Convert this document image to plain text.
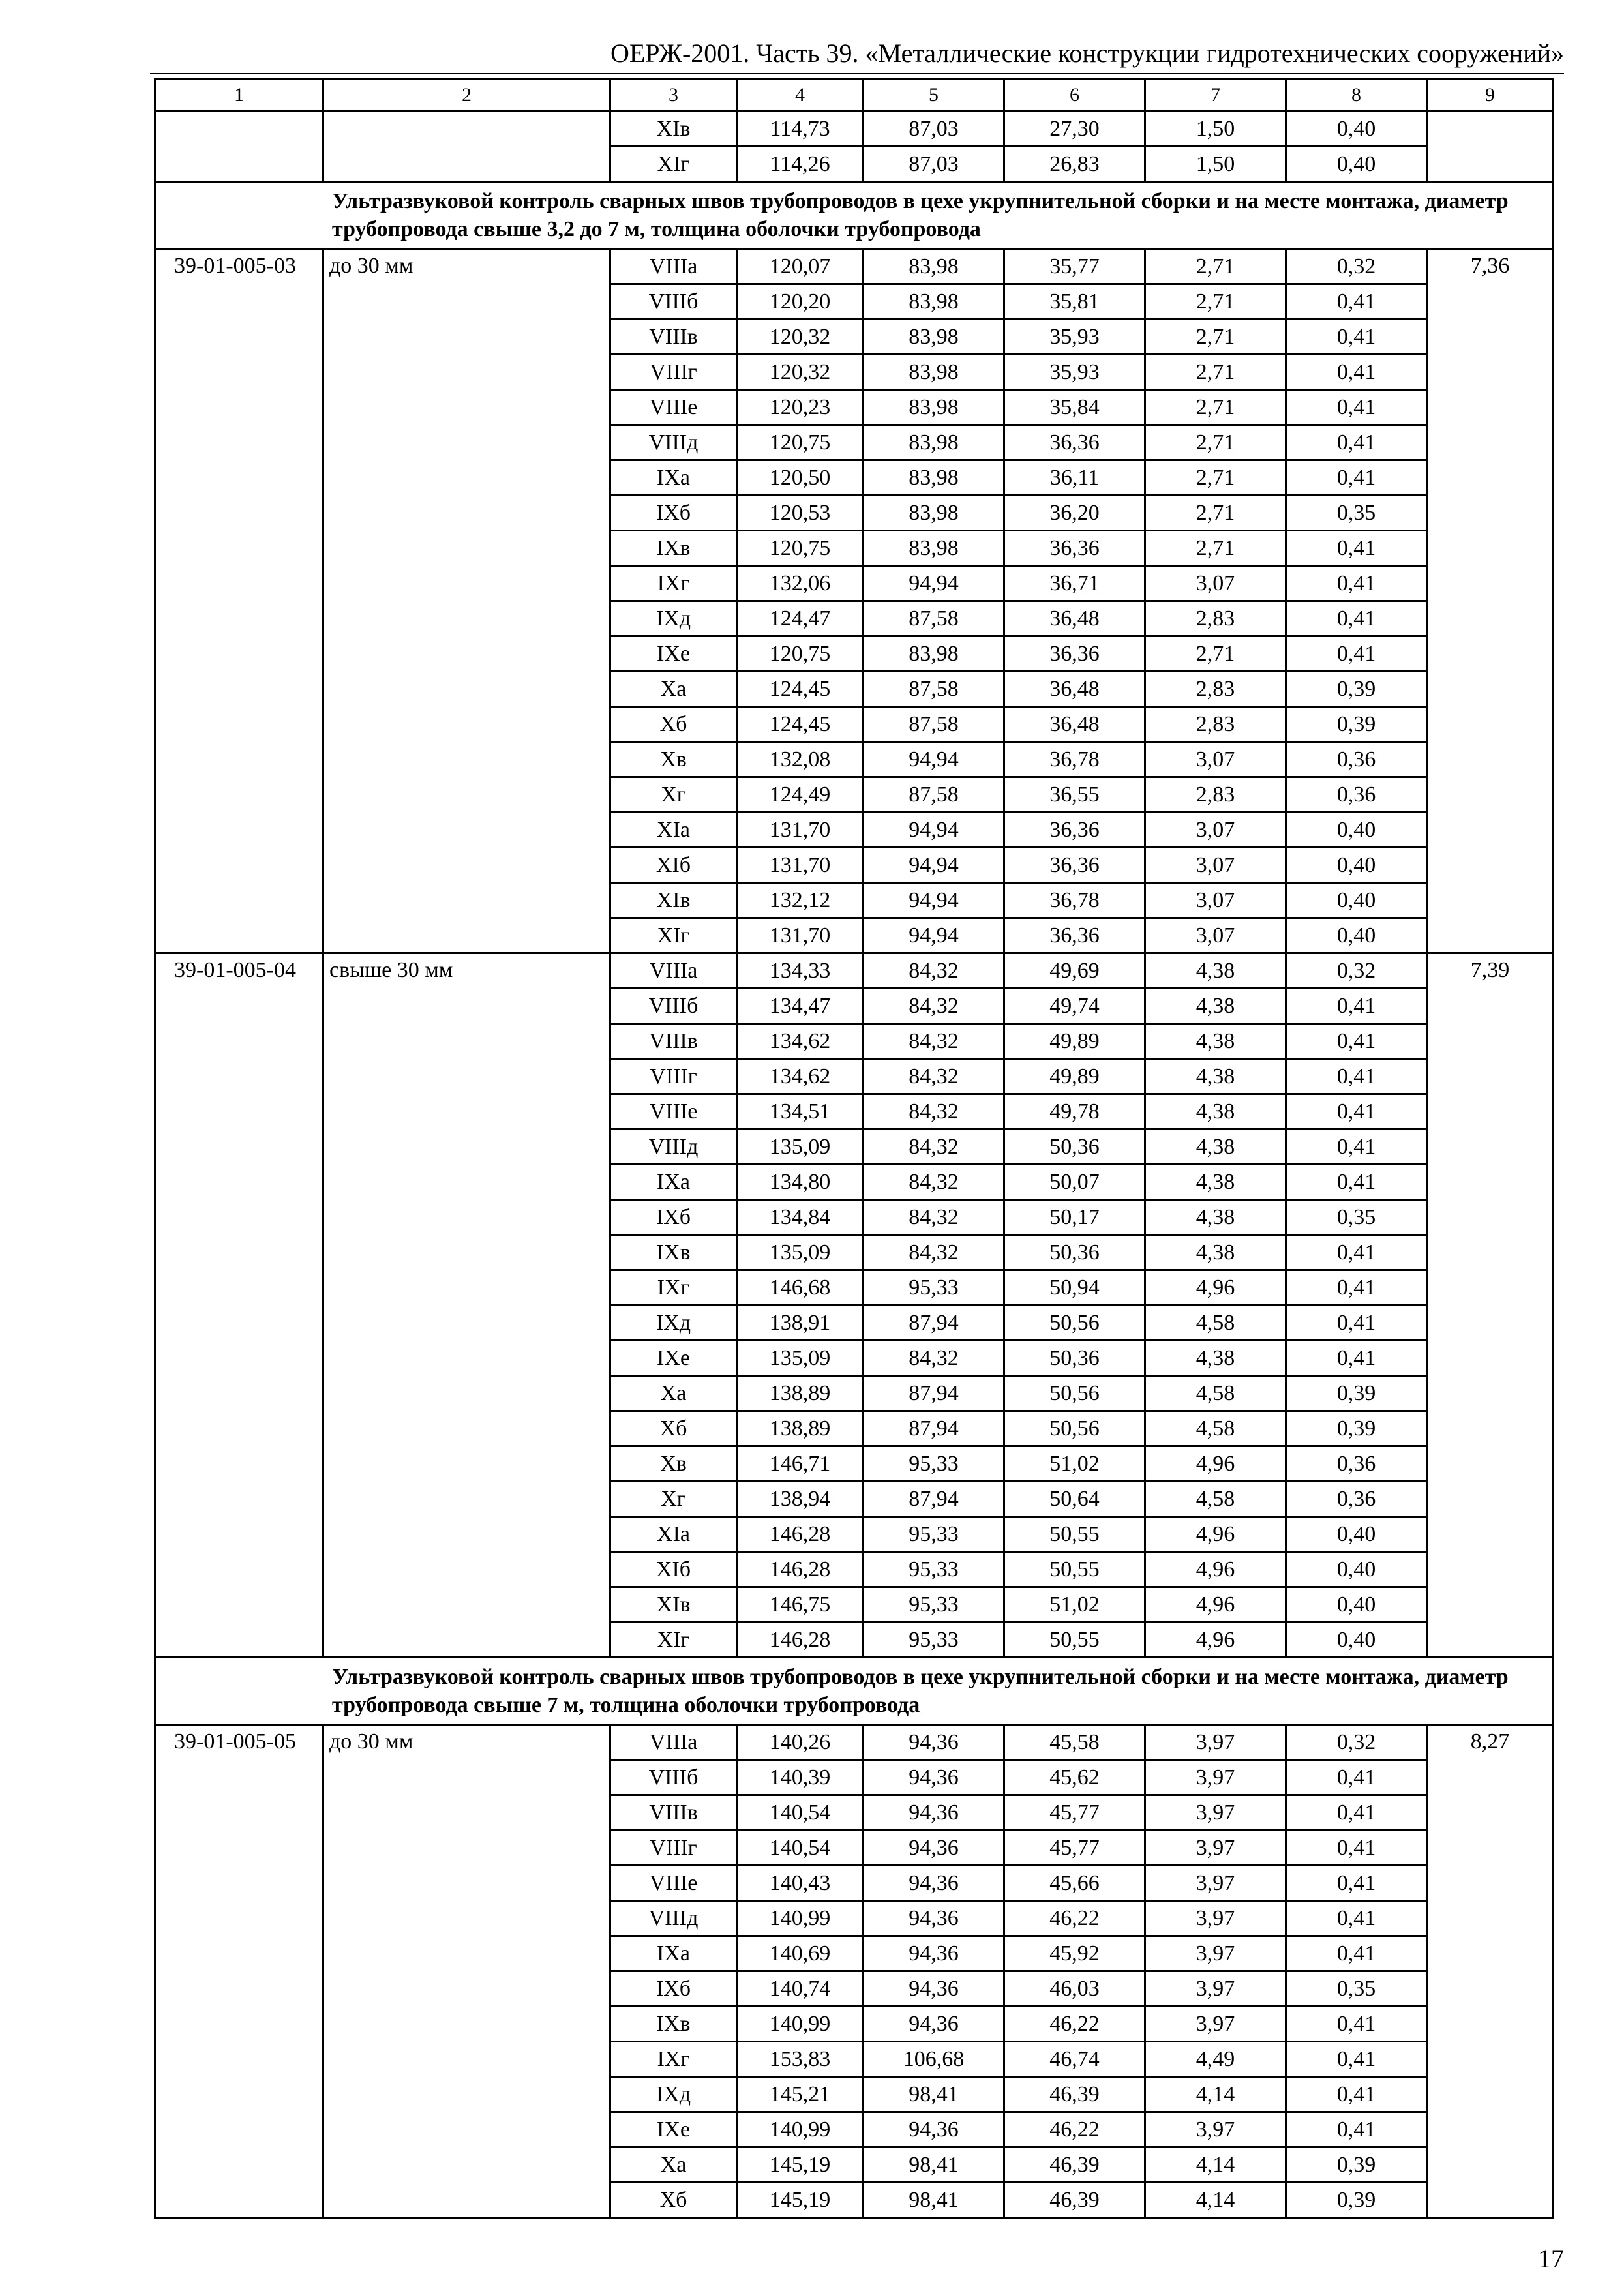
ОЕРЖ-2001. Часть 39. «Металлические конструкции гидротехнических сооружений»
1	2	3	4	5	6	7	8	9
		XIв	114,73	87,03	27,30	1,50	0,40	
		XIг	114,26	87,03	26,83	1,50	0,40	
Ультразвуковой контроль сварных швов трубопроводов в цехе укрупнительной сборки и на месте монтажа, диаметр трубопровода свыше 3,2 до 7 м, толщина оболочки трубопровода								
39-01-005-03	до 30 мм	VIIIа	120,07	83,98	35,77	2,71	0,32	7,36
		VIIIб	120,20	83,98	35,81	2,71	0,41	
		VIIIв	120,32	83,98	35,93	2,71	0,41	
		VIIIг	120,32	83,98	35,93	2,71	0,41	
		VIIIе	120,23	83,98	35,84	2,71	0,41	
		VIIIд	120,75	83,98	36,36	2,71	0,41	
		IXа	120,50	83,98	36,11	2,71	0,41	
		IXб	120,53	83,98	36,20	2,71	0,35	
		IXв	120,75	83,98	36,36	2,71	0,41	
		IXг	132,06	94,94	36,71	3,07	0,41	
		IXд	124,47	87,58	36,48	2,83	0,41	
		IXе	120,75	83,98	36,36	2,71	0,41	
		Xа	124,45	87,58	36,48	2,83	0,39	
		Xб	124,45	87,58	36,48	2,83	0,39	
		Xв	132,08	94,94	36,78	3,07	0,36	
		Xг	124,49	87,58	36,55	2,83	0,36	
		XIа	131,70	94,94	36,36	3,07	0,40	
		XIб	131,70	94,94	36,36	3,07	0,40	
		XIв	132,12	94,94	36,78	3,07	0,40	
		XIг	131,70	94,94	36,36	3,07	0,40	
39-01-005-04	свыше 30 мм	VIIIа	134,33	84,32	49,69	4,38	0,32	7,39
		VIIIб	134,47	84,32	49,74	4,38	0,41	
		VIIIв	134,62	84,32	49,89	4,38	0,41	
		VIIIг	134,62	84,32	49,89	4,38	0,41	
		VIIIе	134,51	84,32	49,78	4,38	0,41	
		VIIIд	135,09	84,32	50,36	4,38	0,41	
		IXа	134,80	84,32	50,07	4,38	0,41	
		IXб	134,84	84,32	50,17	4,38	0,35	
		IXв	135,09	84,32	50,36	4,38	0,41	
		IXг	146,68	95,33	50,94	4,96	0,41	
		IXд	138,91	87,94	50,56	4,58	0,41	
		IXе	135,09	84,32	50,36	4,38	0,41	
		Xа	138,89	87,94	50,56	4,58	0,39	
		Xб	138,89	87,94	50,56	4,58	0,39	
		Xв	146,71	95,33	51,02	4,96	0,36	
		Xг	138,94	87,94	50,64	4,58	0,36	
		XIа	146,28	95,33	50,55	4,96	0,40	
		XIб	146,28	95,33	50,55	4,96	0,40	
		XIв	146,75	95,33	51,02	4,96	0,40	
		XIг	146,28	95,33	50,55	4,96	0,40	
Ультразвуковой контроль сварных швов трубопроводов в цехе укрупнительной сборки и на месте монтажа, диаметр трубопровода свыше 7 м, толщина оболочки трубопровода								
39-01-005-05	до 30 мм	VIIIа	140,26	94,36	45,58	3,97	0,32	8,27
		VIIIб	140,39	94,36	45,62	3,97	0,41	
		VIIIв	140,54	94,36	45,77	3,97	0,41	
		VIIIг	140,54	94,36	45,77	3,97	0,41	
		VIIIе	140,43	94,36	45,66	3,97	0,41	
		VIIIд	140,99	94,36	46,22	3,97	0,41	
		IXа	140,69	94,36	45,92	3,97	0,41	
		IXб	140,74	94,36	46,03	3,97	0,35	
		IXв	140,99	94,36	46,22	3,97	0,41	
		IXг	153,83	106,68	46,74	4,49	0,41	
		IXд	145,21	98,41	46,39	4,14	0,41	
		IXе	140,99	94,36	46,22	3,97	0,41	
		Xа	145,19	98,41	46,39	4,14	0,39	
		Xб	145,19	98,41	46,39	4,14	0,39	
17
